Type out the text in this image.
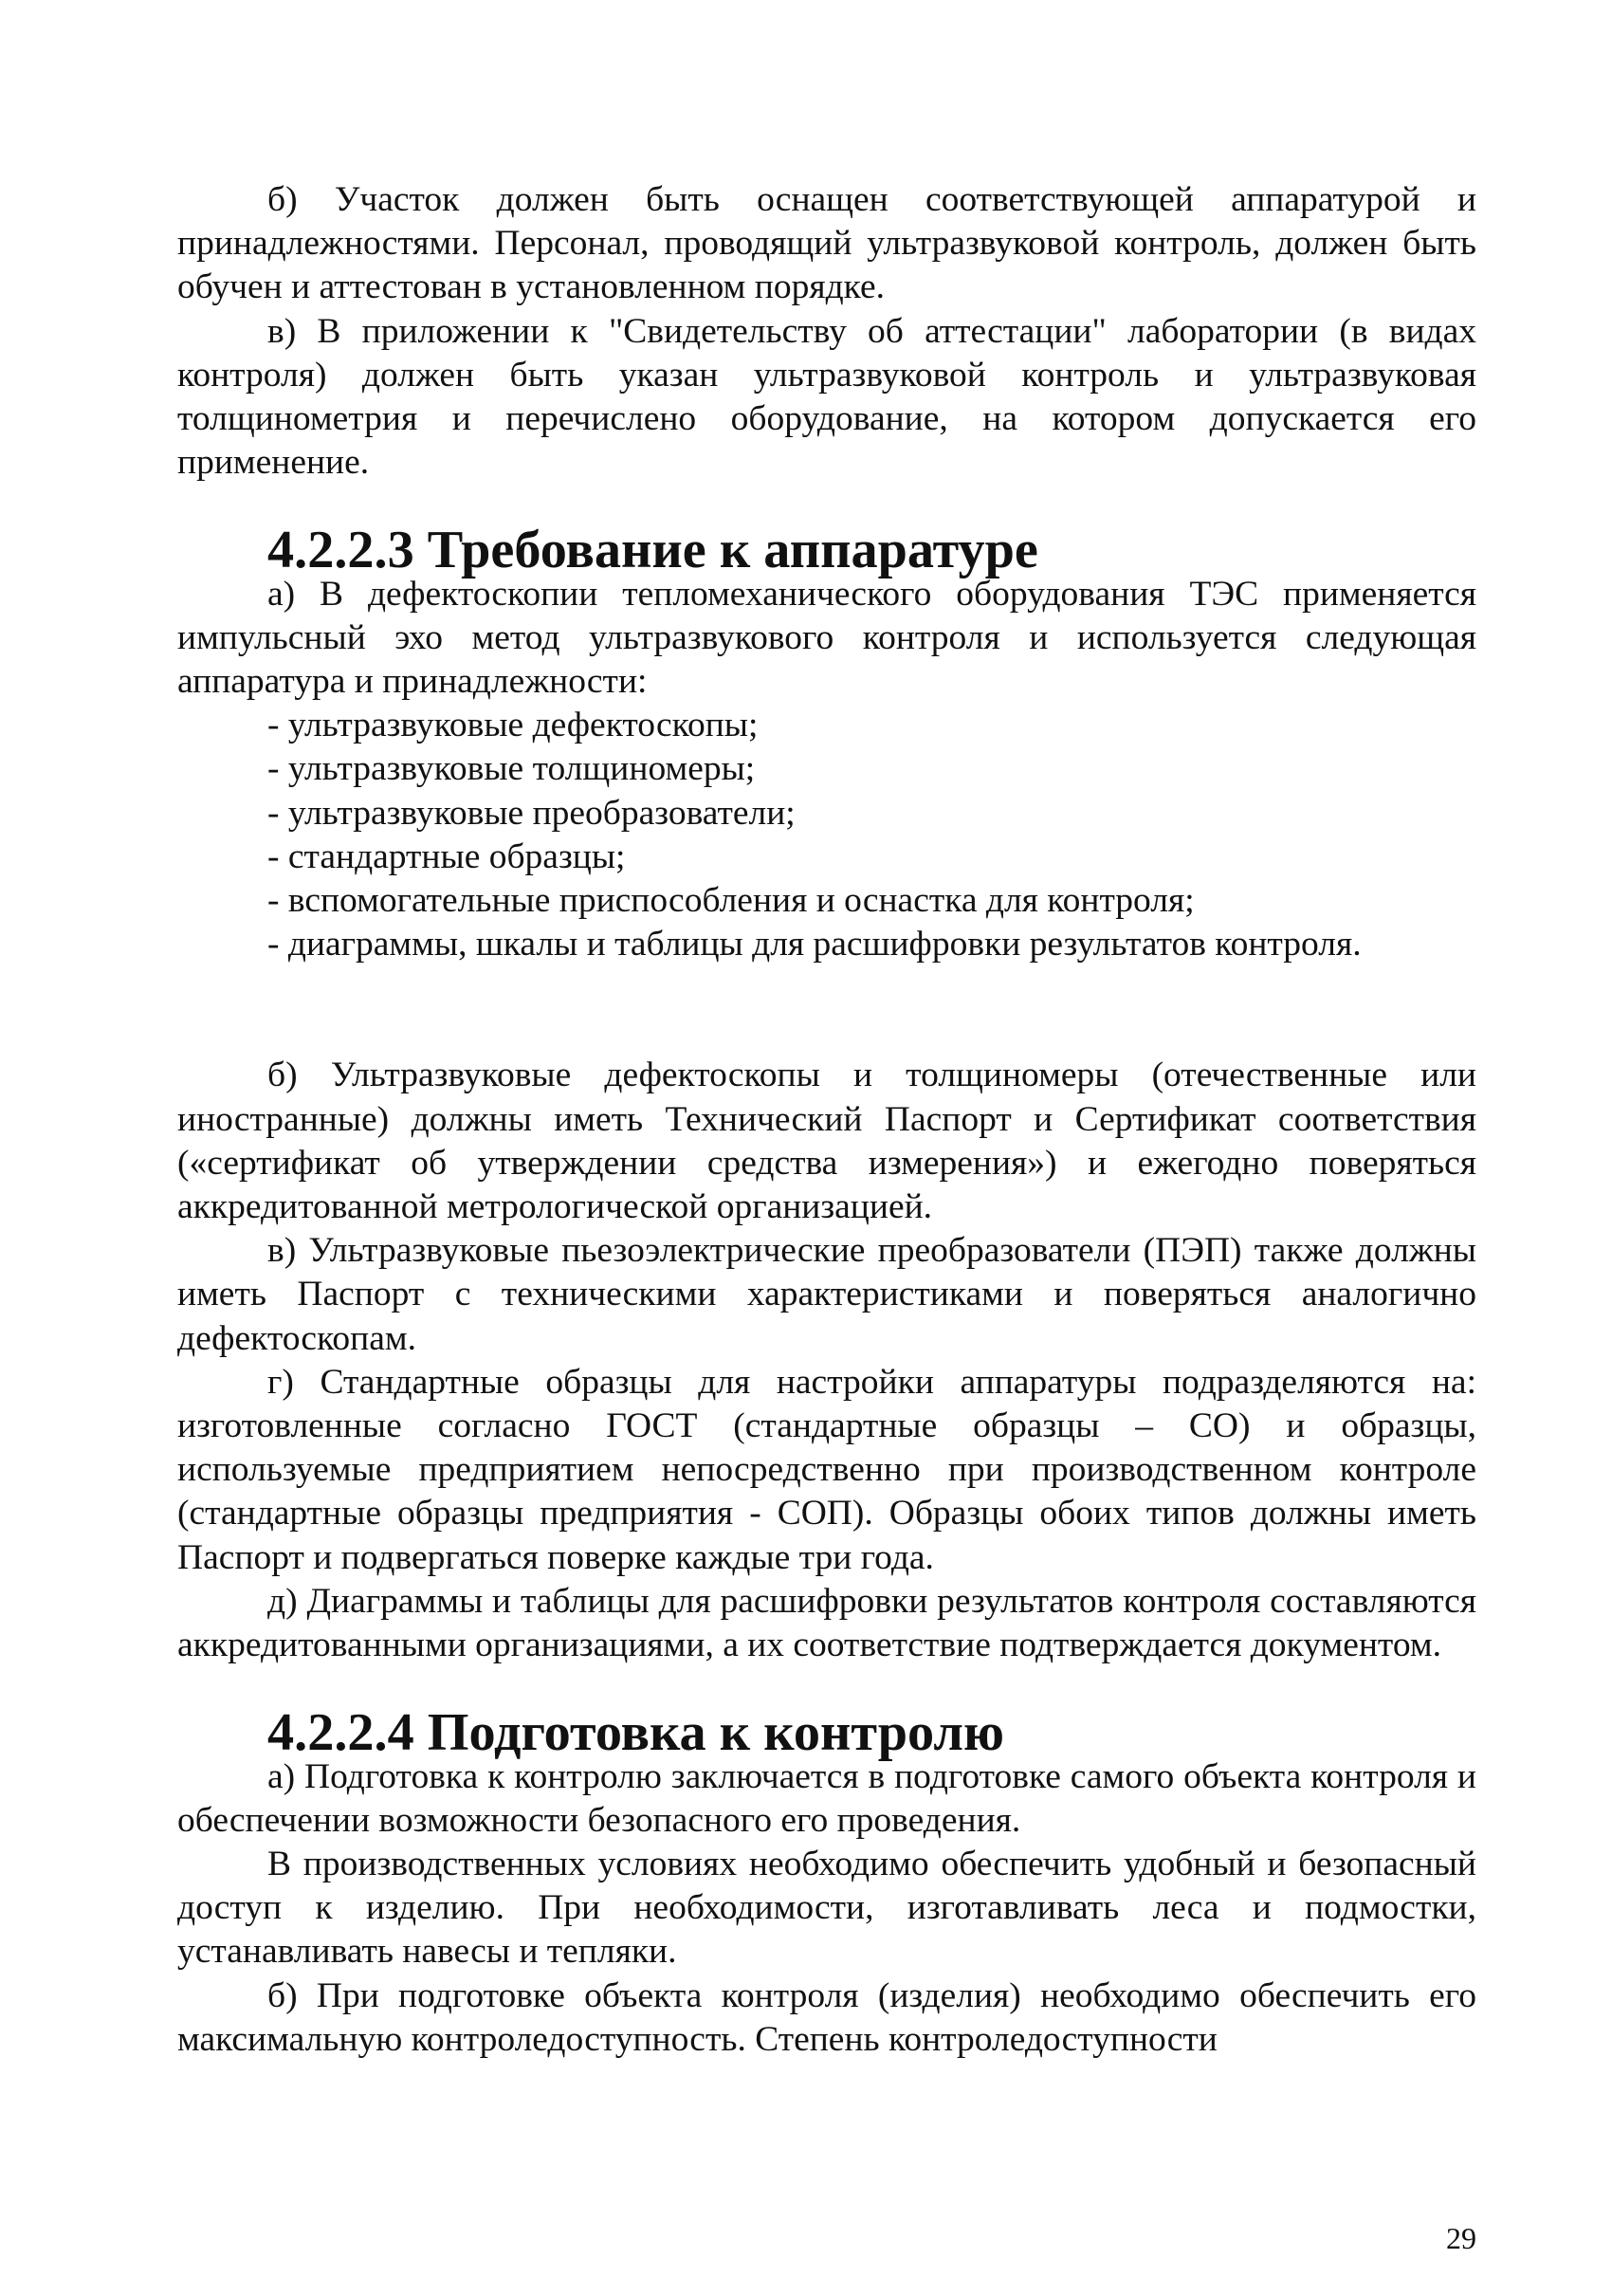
б) Участок должен быть оснащен соответствующей аппаратурой и принадлежностями. Персонал, проводящий ультразвуковой контроль, должен быть обучен и аттестован в установленном порядке.

в) В приложении к "Свидетельству об аттестации" лаборатории (в видах контроля) должен быть указан ультразвуковой контроль и ультразвуковая толщинометрия и перечислено оборудование, на котором допускается его применение.

4.2.2.3 Требование к аппаратуре

а) В дефектоскопии тепломеханического оборудования ТЭС применяется импульсный эхо метод ультразвукового контроля и используется следующая аппаратура и принадлежности:

- ультразвуковые дефектоскопы;
- ультразвуковые толщиномеры;
- ультразвуковые преобразователи;
- стандартные образцы;
- вспомогательные приспособления и оснастка для контроля;
- диаграммы, шкалы и таблицы для расшифровки результатов контроля.

б) Ультразвуковые дефектоскопы и толщиномеры (отечественные или иностранные) должны иметь Технический Паспорт и Сертификат соответствия («сертификат об утверждении средства измерения») и ежегодно поверяться аккредитованной метрологической организацией.

в) Ультразвуковые пьезоэлектрические преобразователи (ПЭП) также должны иметь Паспорт с техническими характеристиками и поверяться аналогично дефектоскопам.

г) Стандартные образцы для настройки аппаратуры подразделяются на: изготовленные согласно ГОСТ (стандартные образцы – СО) и образцы, используемые предприятием непосредственно при производственном контроле (стандартные образцы предприятия - СОП). Образцы обоих типов должны иметь Паспорт и подвергаться поверке каждые три года.

д) Диаграммы и таблицы для расшифровки результатов контроля составляются аккредитованными организациями, а их соответствие подтверждается документом.

4.2.2.4 Подготовка к контролю

а) Подготовка к контролю заключается в подготовке самого объекта контроля и обеспечении возможности безопасного его проведения.

В производственных условиях необходимо обеспечить удобный и безопасный доступ к изделию. При необходимости, изготавливать леса и подмостки, устанавливать навесы и тепляки.

б) При подготовке объекта контроля (изделия) необходимо обеспечить его максимальную контроледоступность. Степень контроледоступности

29
